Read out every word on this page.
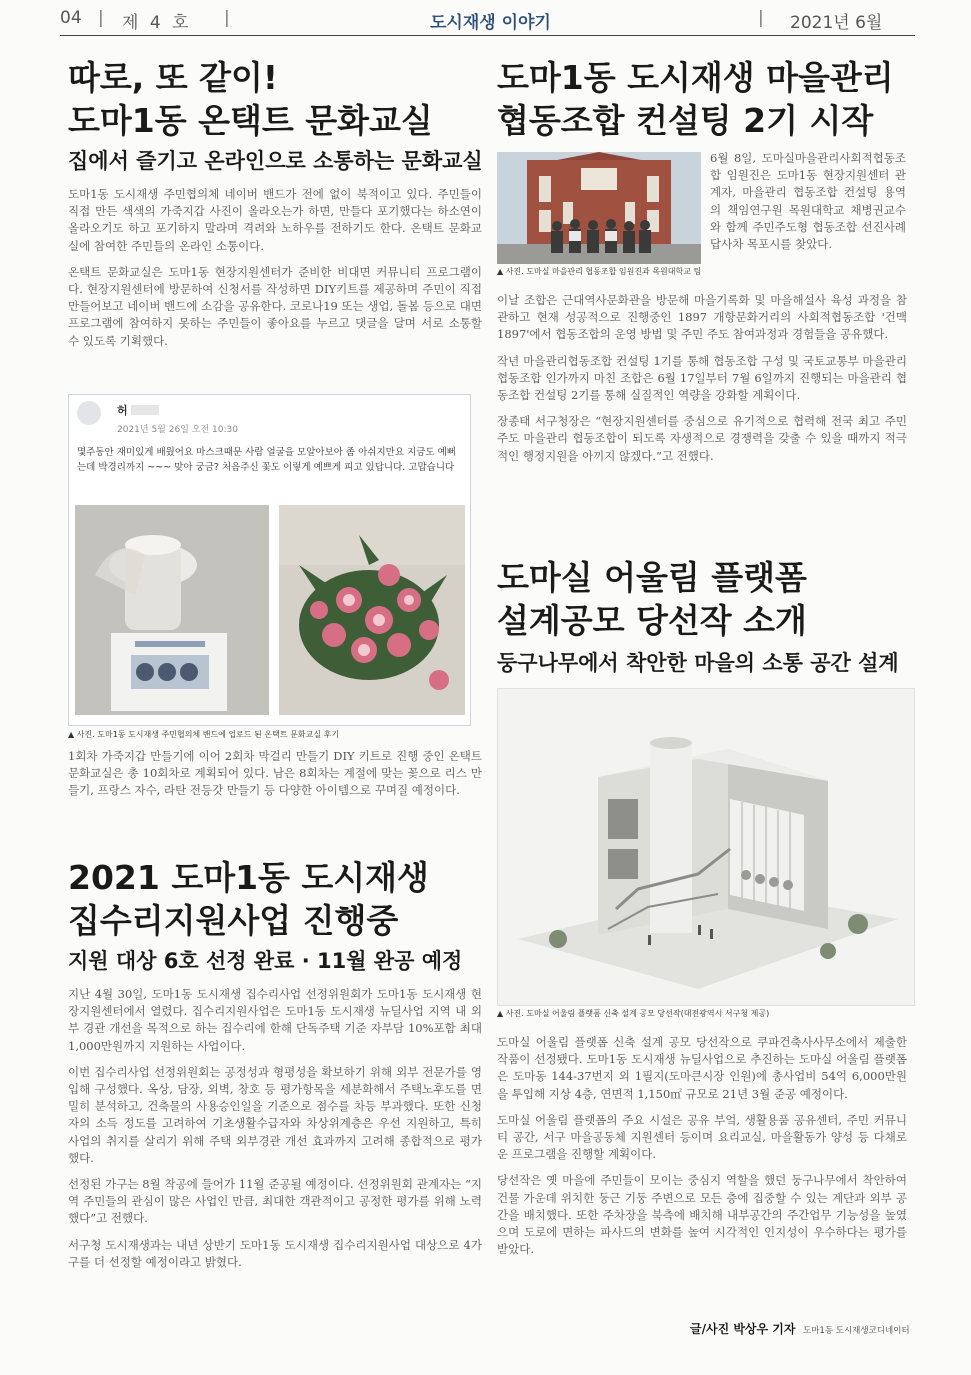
04 | 제 4 호 |	도시재생 이야기	| 2021년 6월
따로, 또 같이!
도마1동 온택트 문화교실
집에서 즐기고 온라인으로 소통하는 문화교실

도마1동 도시재생 주민협의체 네이버 밴드가 전에 없이 북적이고 있다. 주민들이 직접 만든 색색의 가죽지갑 사진이 올라오는가 하면, 만들다 포기했다는 하소연이 올라오기도 하고 포기하지 말라며 격려와 노하우를 전하기도 한다. 온택트 문화교실에 참여한 주민들의 온라인 소통이다.

온택트 문화교실은 도마1동 현장지원센터가 준비한 비대면 커뮤니티 프로그램이다. 현장지원센터에 방문하여 신청서를 작성하면 DIY키트를 제공하며 주민이 직접 만들어보고 네이버 밴드에 소감을 공유한다. 코로나19 또는 생업, 돌봄 등으로 대면프로그램에 참여하지 못하는 주민들이 좋아요를 누르고 댓글을 달며 서로 소통할 수 있도록 기획했다.

허
2021년 5월 26일 오전 10:30
몇주동안 재미있게 배웠어요 마스크때문 사람 얼굴을 모알아보아 좀 아쉬지만요 지금도 예뻐는데 박경리까지 ~~~ 맞아 궁금? 처음주신 꽃도 이렇게 예쁘게 피고 있답니다. 고맙습니다
▲ 사진. 도마1동 도시재생 주민협의체 밴드에 업로드 된 온택트 문화교실 후기

1회차 가죽지갑 만들기에 이어 2회차 막걸리 만들기 DIY 키트로 진행 중인 온택트 문화교실은 총 10회차로 계획되어 있다. 남은 8회차는 계절에 맞는 꽃으로 리스 만들기, 프랑스 자수, 라탄 전등갓 만들기 등 다양한 아이템으로 꾸며질 예정이다.

2021 도마1동 도시재생
집수리지원사업 진행중
지원 대상 6호 선정 완료 · 11월 완공 예정

지난 4월 30일, 도마1동 도시재생 집수리사업 선정위원회가 도마1동 도시재생 현장지원센터에서 열렸다. 집수리지원사업은 도마1동 도시재생 뉴딜사업 지역 내 외부 경관 개선을 목적으로 하는 집수리에 한해 단독주택 기준 자부담 10%포함 최대 1,000만원까지 지원하는 사업이다.

이번 집수리사업 선정위원회는 공정성과 형평성을 확보하기 위해 외부 전문가를 영입해 구성했다. 옥상, 담장, 외벽, 창호 등 평가항목을 세분화해서 주택노후도를 면밀히 분석하고, 건축물의 사용승인일을 기준으로 점수를 차등 부과했다. 또한 신청자의 소득 정도를 고려하여 기초생활수급자와 차상위계층은 우선 지원하고, 특히 사업의 취지를 살리기 위해 주택 외부경관 개선 효과까지 고려해 종합적으로 평가했다.

선정된 가구는 8월 착공에 들어가 11월 준공될 예정이다. 선정위원회 관계자는 “지역 주민들의 관심이 많은 사업인 만큼, 최대한 객관적이고 공정한 평가를 위해 노력했다”고 전했다.

서구청 도시재생과는 내년 상반기 도마1동 도시재생 집수리지원사업 대상으로 4가구를 더 선정할 예정이라고 밝혔다.

도마1동 도시재생 마을관리
협동조합 컨설팅 2기 시작
▲ 사진. 도마실 마을관리 협동조합 임원진과 목원대학교 팀

6월 8일, 도마실마을관리사회적협동조합 임원진은 도마1동 현장지원센터 관계자, 마을관리 협동조합 컨설팅 용역의 책임연구원 목원대학교 채병권교수와 함께 주민주도형 협동조합 선진사례 답사차 목포시를 찾았다.

이날 조합은 근대역사문화관을 방문해 마을기록화 및 마을해설사 육성 과정을 참관하고 현재 성공적으로 진행중인 1897 개항문화거리의 사회적협동조합 '건맥1897'에서 협동조합의 운영 방법 및 주민 주도 참여과정과 경험들을 공유했다.

작년 마을관리협동조합 컨설팅 1기를 통해 협동조합 구성 및 국토교통부 마을관리협동조합 인가까지 마친 조합은 6월 17일부터 7월 6일까지 진행되는 마을관리 협동조합 컨설팅 2기를 통해 실질적인 역량을 강화할 계획이다.

장종태 서구청장은 “현장지원센터를 중심으로 유기적으로 협력해 전국 최고 주민주도 마을관리 협동조합이 되도록 자생적으로 경쟁력을 갖출 수 있을 때까지 적극적인 행정지원을 아끼지 않겠다.”고 전했다.

도마실 어울림 플랫폼
설계공모 당선작 소개
둥구나무에서 착안한 마을의 소통 공간 설계
▲ 사진. 도마실 어울림 플랫폼 신축 설계 공모 당선작(대전광역시 서구청 제공)

도마실 어울림 플랫폼 신축 설계 공모 당선작으로 쿠파건축사사무소에서 제출한 작품이 선정됐다. 도마1동 도시재생 뉴딜사업으로 추진하는 도마실 어울림 플랫폼은 도마동 144-37번지 외 1필지(도마큰시장 인원)에 총사업비 54억 6,000만원을 투입해 지상 4층, 연면적 1,150㎡ 규모로 21년 3월 준공 예정이다.

도마실 어울림 플랫폼의 주요 시설은 공유 부엌, 생활용품 공유센터, 주민 커뮤니티 공간, 서구 마을공동체 지원센터 등이며 요리교실, 마을활동가 양성 등 다채로운 프로그램을 진행할 계획이다.

당선작은 옛 마을에 주민들이 모이는 중심지 역할을 했던 둥구나무에서 착안하여 건물 가운데 위치한 둥근 기둥 주변으로 모든 층에 집중할 수 있는 계단과 외부 공간을 배치했다. 또한 주차장을 북측에 배치해 내부공간의 주간업무 기능성을 높였으며 도로에 면하는 파사드의 변화를 높여 시각적인 인지성이 우수하다는 평가를 받았다.

글/사진 박상우 기자 도마1동 도시재생코디네이터
